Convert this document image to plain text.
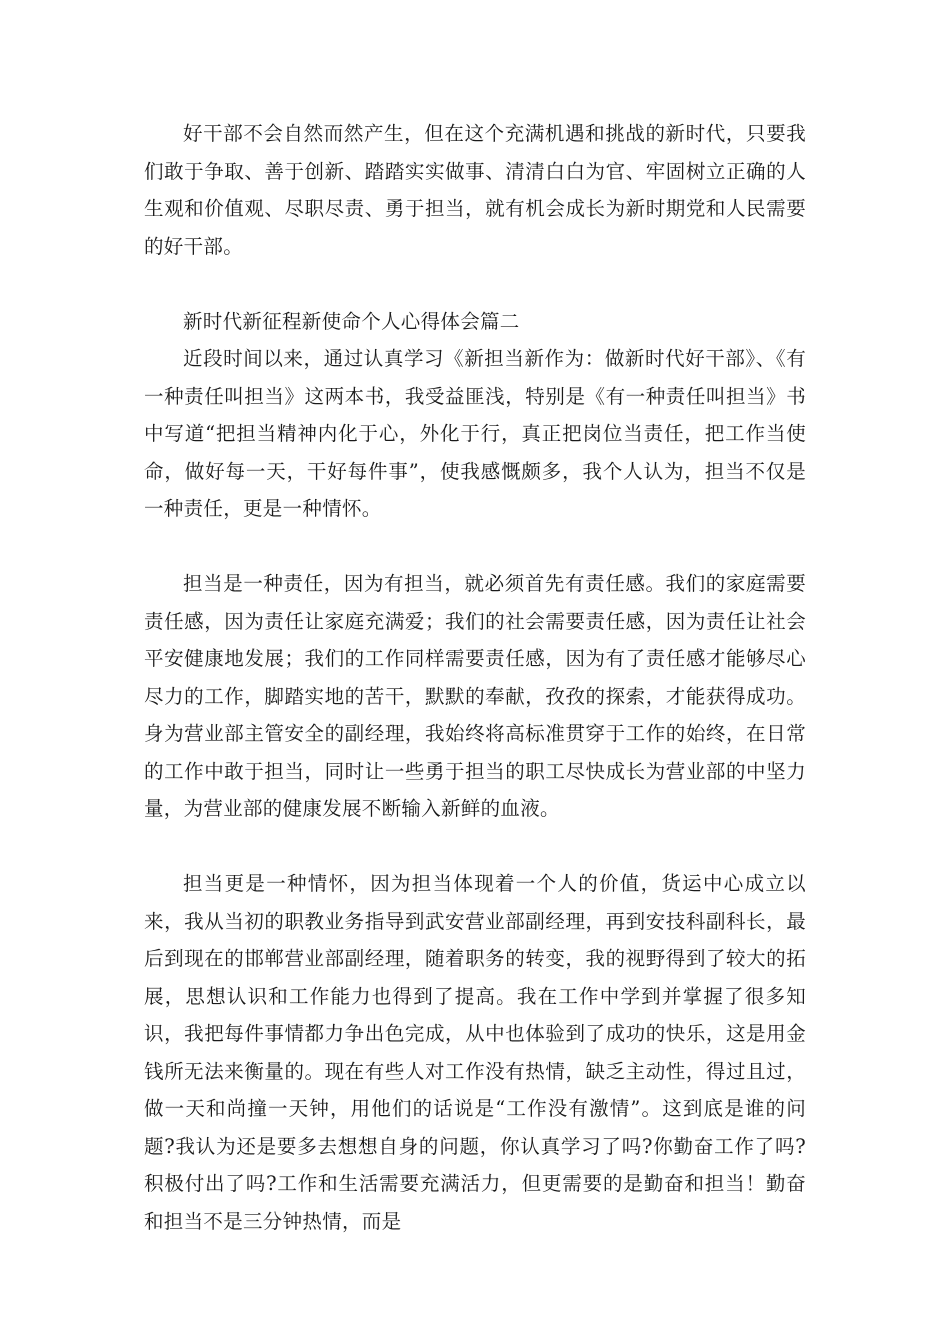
好干部不会自然而然产生，但在这个充满机遇和挑战的新时代，只要我们敢于争取、善于创新、踏踏实实做事、清清白白为官、牢固树立正确的人生观和价值观、尽职尽责、勇于担当，就有机会成长为新时期党和人民需要的好干部。

新时代新征程新使命个人心得体会篇二

近段时间以来，通过认真学习《新担当新作为：做新时代好干部》、《有一种责任叫担当》这两本书，我受益匪浅，特别是《有一种责任叫担当》书中写道“把担当精神内化于心，外化于行，真正把岗位当责任，把工作当使命，做好每一天，干好每件事”，使我感慨颇多，我个人认为，担当不仅是一种责任，更是一种情怀。

担当是一种责任，因为有担当，就必须首先有责任感。我们的家庭需要责任感，因为责任让家庭充满爱；我们的社会需要责任感，因为责任让社会平安健康地发展；我们的工作同样需要责任感，因为有了责任感才能够尽心尽力的工作，脚踏实地的苦干，默默的奉献，孜孜的探索，才能获得成功。身为营业部主管安全的副经理，我始终将高标准贯穿于工作的始终，在日常的工作中敢于担当，同时让一些勇于担当的职工尽快成长为营业部的中坚力量，为营业部的健康发展不断输入新鲜的血液。

担当更是一种情怀，因为担当体现着一个人的价值，货运中心成立以来，我从当初的职教业务指导到武安营业部副经理，再到安技科副科长，最后到现在的邯郸营业部副经理，随着职务的转变，我的视野得到了较大的拓展，思想认识和工作能力也得到了提高。我在工作中学到并掌握了很多知识，我把每件事情都力争出色完成，从中也体验到了成功的快乐，这是用金钱所无法来衡量的。现在有些人对工作没有热情，缺乏主动性，得过且过，做一天和尚撞一天钟，用他们的话说是“工作没有激情”。这到底是谁的问题?我认为还是要多去想想自身的问题，你认真学习了吗?你勤奋工作了吗?积极付出了吗?工作和生活需要充满活力，但更需要的是勤奋和担当！勤奋和担当不是三分钟热情，而是
